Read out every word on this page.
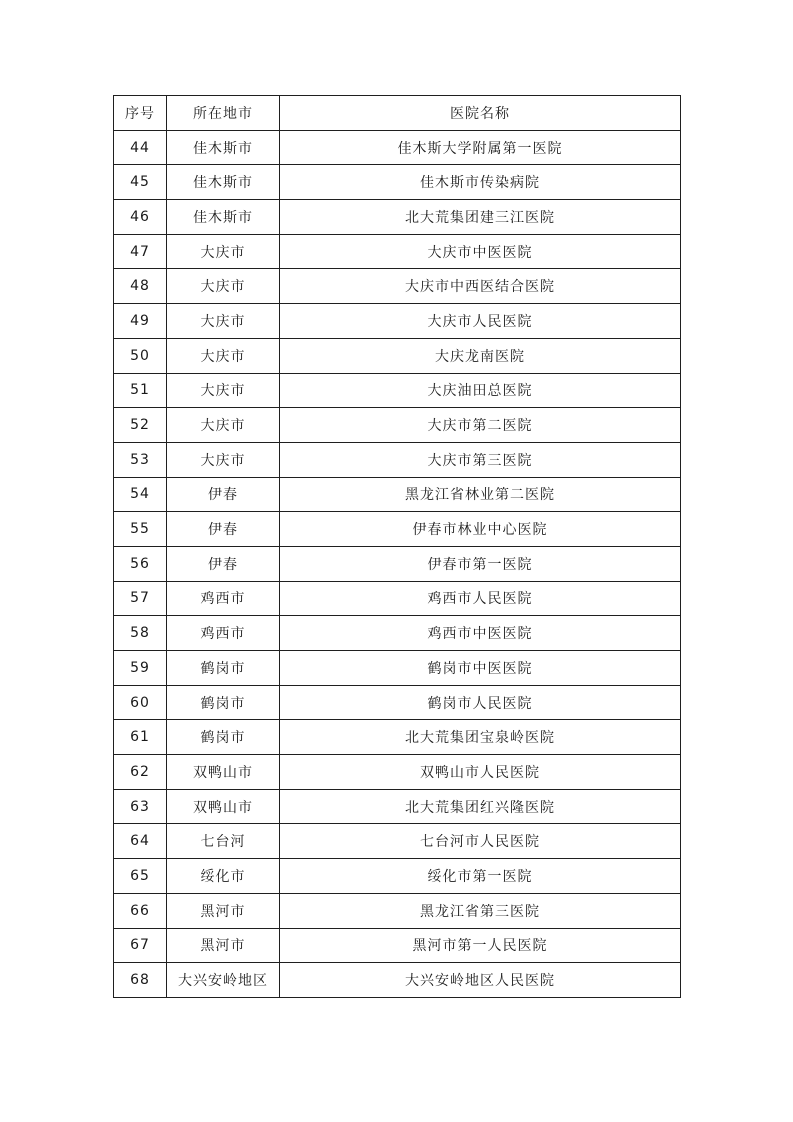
序号	所在地市	医院名称
44	佳木斯市	佳木斯大学附属第一医院
45	佳木斯市	佳木斯市传染病院
46	佳木斯市	北大荒集团建三江医院
47	大庆市	大庆市中医医院
48	大庆市	大庆市中西医结合医院
49	大庆市	大庆市人民医院
50	大庆市	大庆龙南医院
51	大庆市	大庆油田总医院
52	大庆市	大庆市第二医院
53	大庆市	大庆市第三医院
54	伊春	黑龙江省林业第二医院
55	伊春	伊春市林业中心医院
56	伊春	伊春市第一医院
57	鸡西市	鸡西市人民医院
58	鸡西市	鸡西市中医医院
59	鹤岗市	鹤岗市中医医院
60	鹤岗市	鹤岗市人民医院
61	鹤岗市	北大荒集团宝泉岭医院
62	双鸭山市	双鸭山市人民医院
63	双鸭山市	北大荒集团红兴隆医院
64	七台河	七台河市人民医院
65	绥化市	绥化市第一医院
66	黑河市	黑龙江省第三医院
67	黑河市	黑河市第一人民医院
68	大兴安岭地区	大兴安岭地区人民医院
